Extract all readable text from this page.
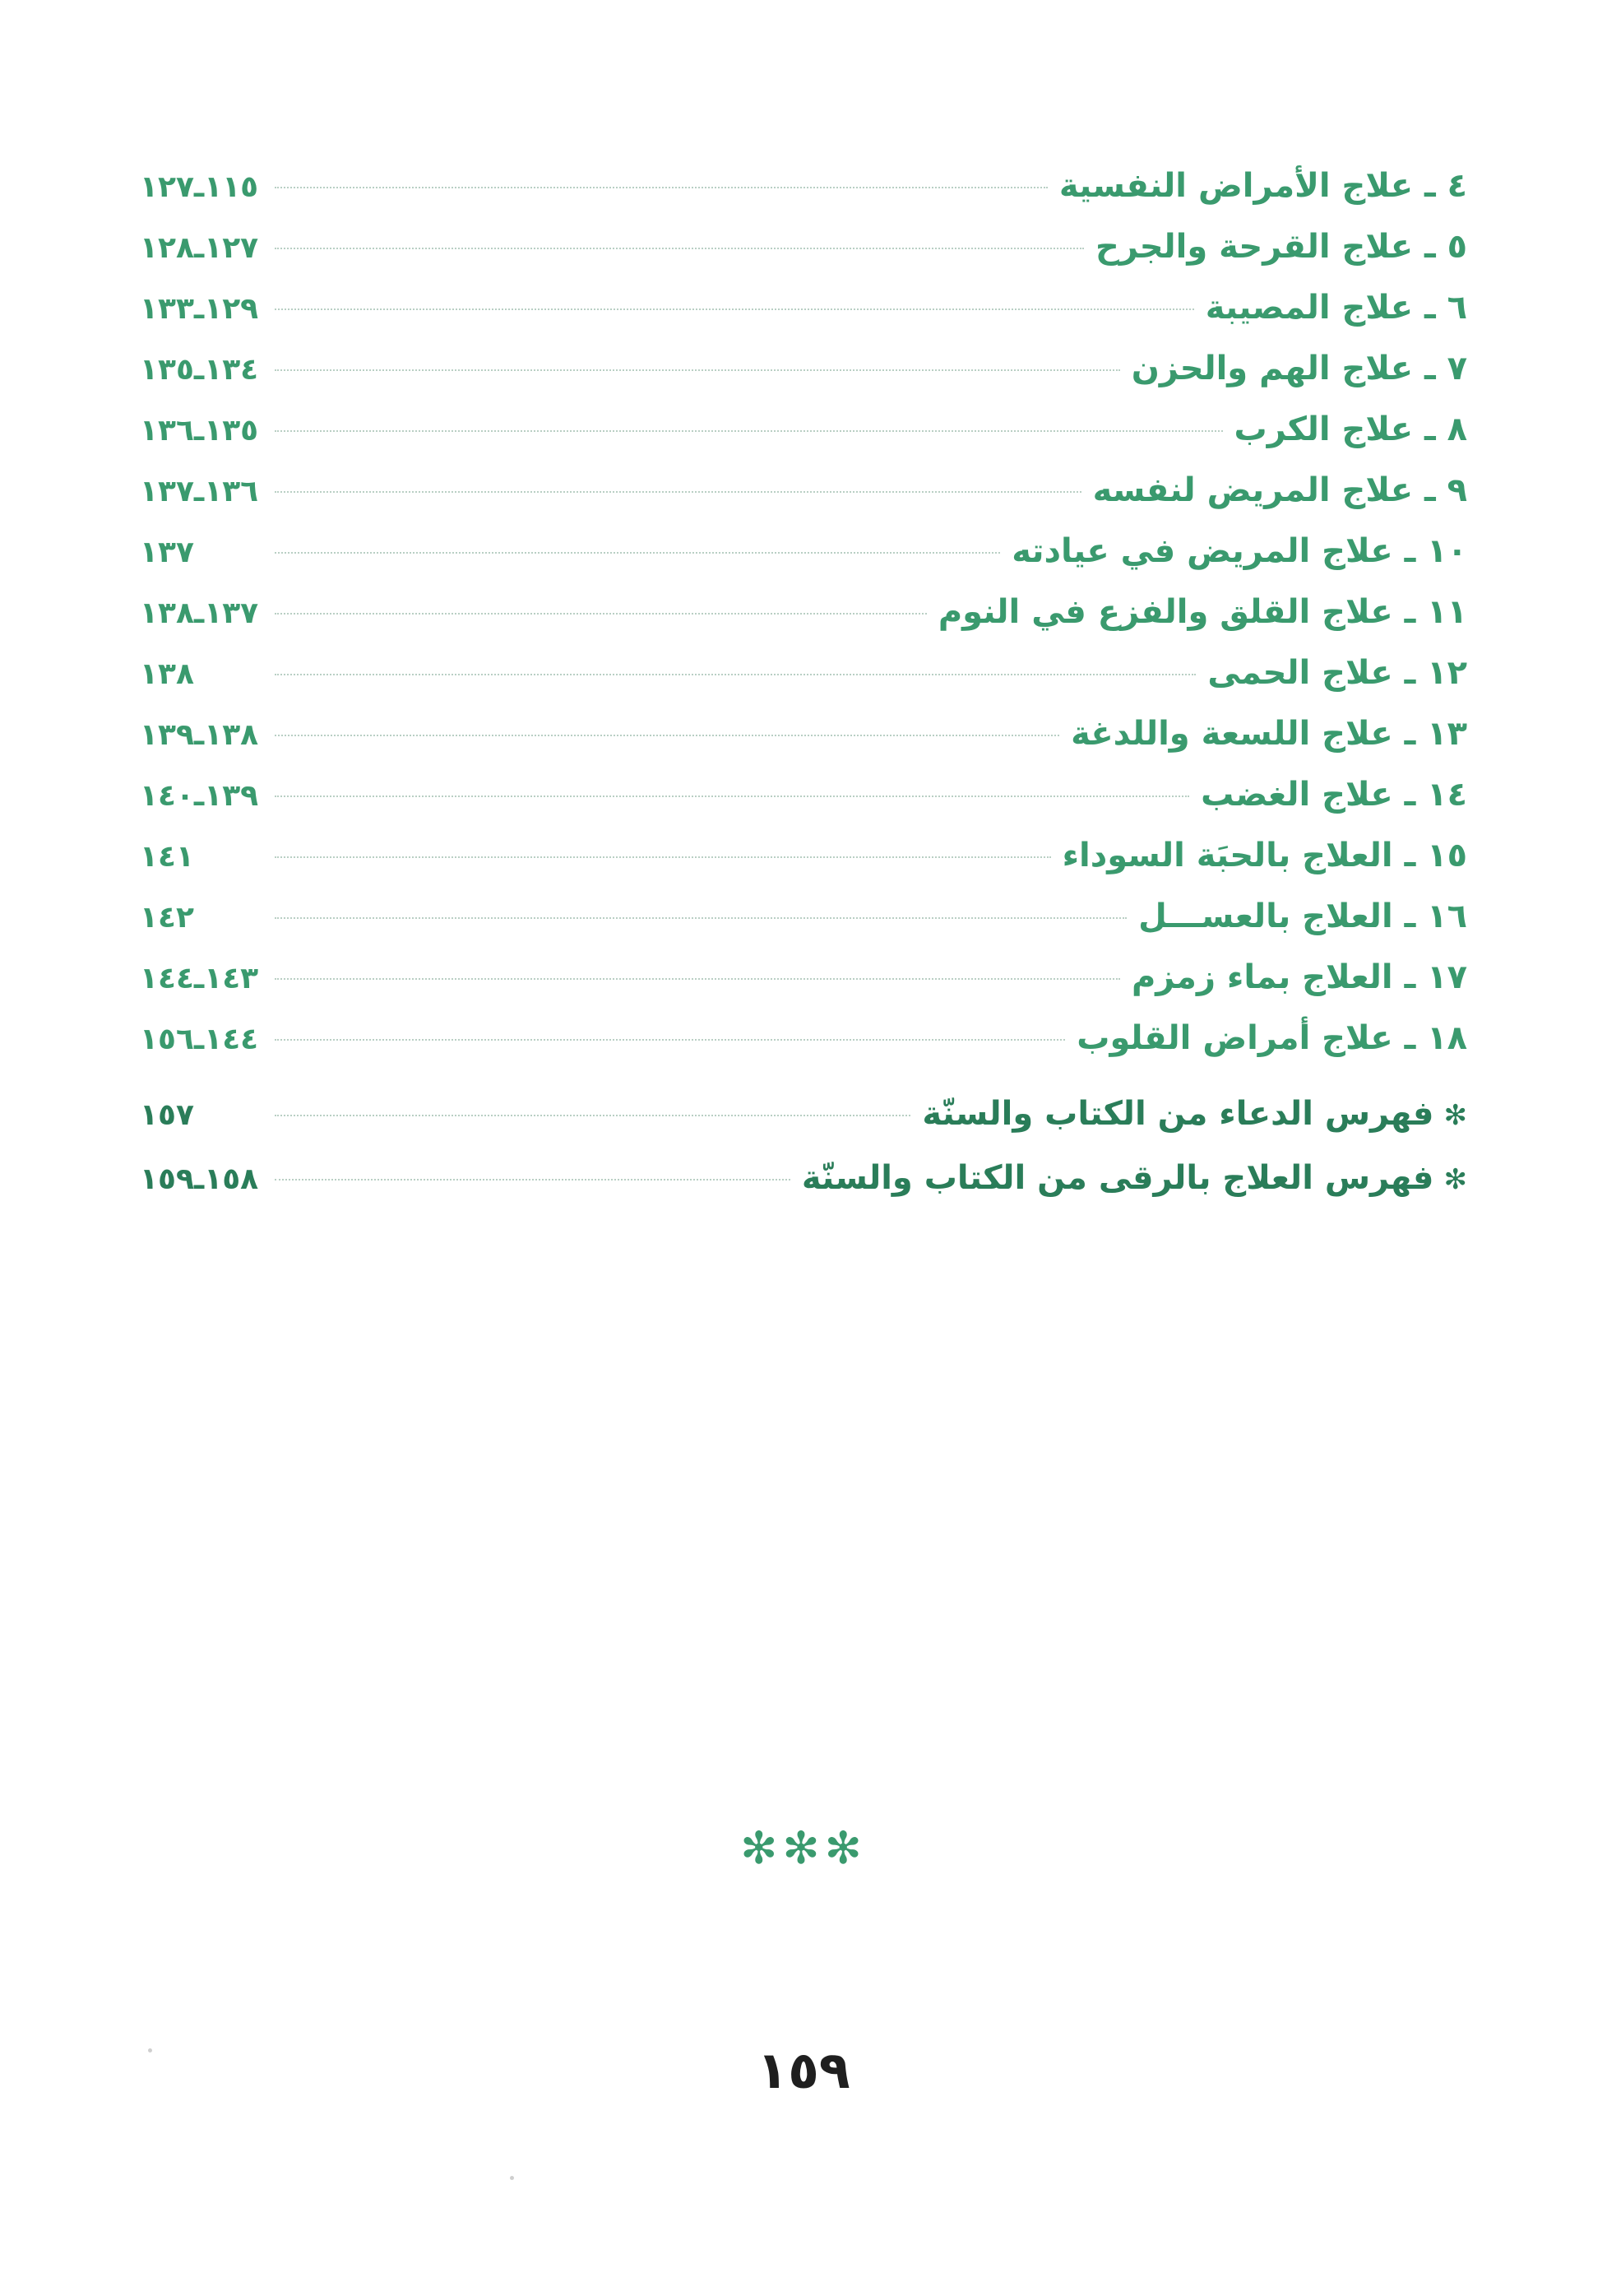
٤ ـ علاج الأمراض النفسية
١١٥ـ١٢٧
٥ ـ علاج القرحة والجرح
١٢٧ـ١٢٨
٦ ـ علاج المصيبة
١٢٩ـ١٣٣
٧ ـ علاج الهم والحزن
١٣٤ـ١٣٥
٨ ـ علاج الكرب
١٣٥ـ١٣٦
٩ ـ علاج المريض لنفسه
١٣٦ـ١٣٧
١٠ ـ علاج المريض في عيادته
١٣٧
١١ ـ علاج القلق والفزع في النوم
١٣٧ـ١٣٨
١٢ ـ علاج الحمى
١٣٨
١٣ ـ علاج اللسعة واللدغة
١٣٨ـ١٣٩
١٤ ـ علاج الغضب
١٣٩ـ١٤٠
١٥ ـ العلاج بالحبَة السوداء
١٤١
١٦ ـ العلاج بالعســـل
١٤٢
١٧ ـ العلاج بماء زمزم
١٤٣ـ١٤٤
١٨ ـ علاج أمراض القلوب
١٤٤ـ١٥٦
✻
فهرس الدعاء من الكتاب والسنّة
١٥٧
✻
فهرس العلاج بالرقى من الكتاب والسنّة
١٥٨ـ١٥٩
✻✻✻
١٥٩
